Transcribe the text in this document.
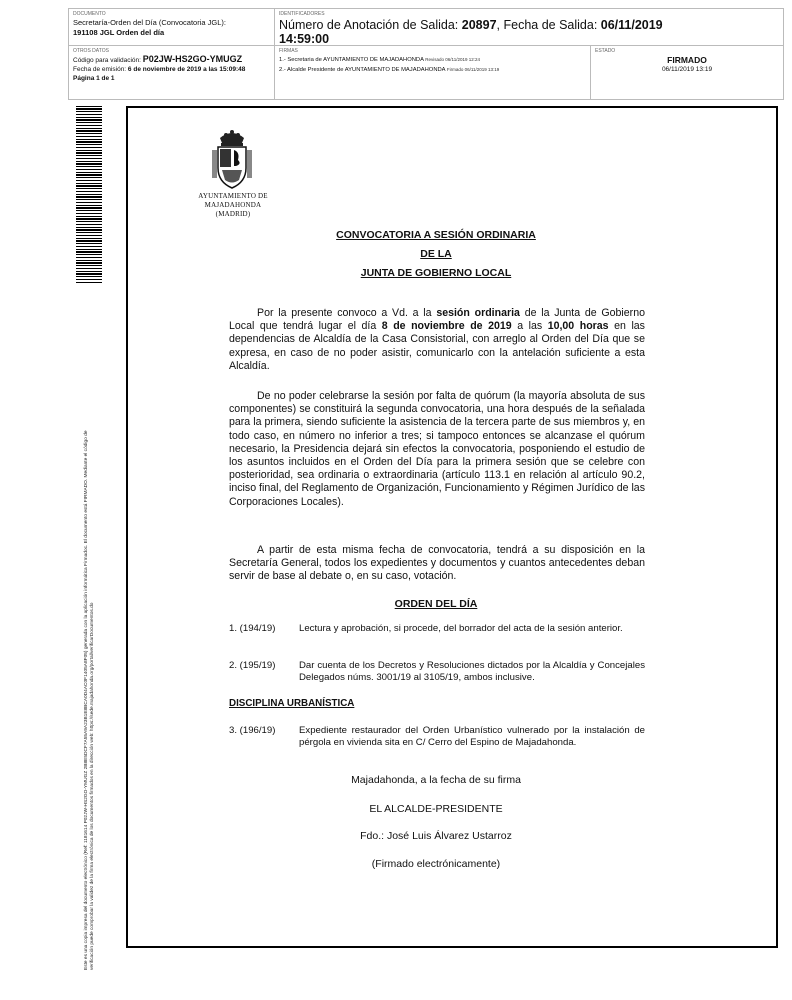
DOCUMENTO
Secretaría-Orden del Día (Convocatoria JGL):
191108 JGL Orden del día
IDENTIFICADORES
Número de Anotación de Salida: 20897, Fecha de Salida: 06/11/2019
14:59:00
OTROS DATOS
Código para validación: P02JW-HS2GO-YMUGZ
Fecha de emisión: 6 de noviembre de 2019 a las 15:09:48
Página 1 de 1
FIRMAS
1.- Secretaria de AYUNTAMIENTO DE MAJADAHONDA Revisado 06/11/2019 12:24
2.- Alcalde Presidente de AYUNTAMIENTO DE MAJADAHONDA Firmado 06/11/2019 13:19
ESTADO
FIRMADO
06/11/2019 13:19
Este es una copia impresa del documento electrónico (Ref: 1181614 P02JW-HS2GO-YMUGZ 2B8E5DCF7A55A9A23B1E8BCA0D4AC0F1405A8F05) generada con la aplicación informática Firmadoc. El documento está FIRMADO. Mediante el código de verificación puede comprobar la validez de la firma electrónica de los documentos firmados en la dirección web: https://sede.majadahonda.org/portal/verificarDocumentos.do
AYUNTAMIENTO DE
MAJADAHONDA
(MADRID)
CONVOCATORIA A SESIÓN ORDINARIA
DE LA
JUNTA DE GOBIERNO LOCAL
Por la presente convoco a Vd. a la sesión ordinaria de la Junta de Gobierno Local que tendrá lugar el día 8 de noviembre de 2019 a las 10,00 horas en las dependencias de Alcaldía de la Casa Consistorial, con arreglo al Orden del Día que se expresa, en caso de no poder asistir, comunicarlo con la antelación suficiente a esta Alcaldía.
De no poder celebrarse la sesión por falta de quórum (la mayoría absoluta de sus componentes) se constituirá la segunda convocatoria, una hora después de la señalada para la primera, siendo suficiente la asistencia de la tercera parte de sus miembros y, en todo caso, en número no inferior a tres; si tampoco entonces se alcanzase el quórum necesario, la Presidencia dejará sin efectos la convocatoria, posponiendo el estudio de los asuntos incluidos en el Orden del Día para la primera sesión que se celebre con posterioridad, sea ordinaria o extraordinaria (artículo 113.1 en relación al artículo 90.2, inciso final, del Reglamento de Organización, Funcionamiento y Régimen Jurídico de las Corporaciones Locales).
A partir de esta misma fecha de convocatoria, tendrá a su disposición en la Secretaría General, todos los expedientes y documentos y cuantos antecedentes deban servir de base al debate o, en su caso, votación.
ORDEN DEL DÍA
1. (194/19) Lectura y aprobación, si procede, del borrador del acta de la sesión anterior.
2. (195/19) Dar cuenta de los Decretos y Resoluciones dictados por la Alcaldía y Concejales Delegados núms. 3001/19 al 3105/19, ambos inclusive.
DISCIPLINA URBANÍSTICA
3. (196/19) Expediente restaurador del Orden Urbanístico vulnerado por la instalación de pérgola en vivienda sita en C/ Cerro del Espino de Majadahonda.
Majadahonda, a la fecha de su firma
EL ALCALDE-PRESIDENTE
Fdo.: José Luis Álvarez Ustarroz
(Firmado electrónicamente)
